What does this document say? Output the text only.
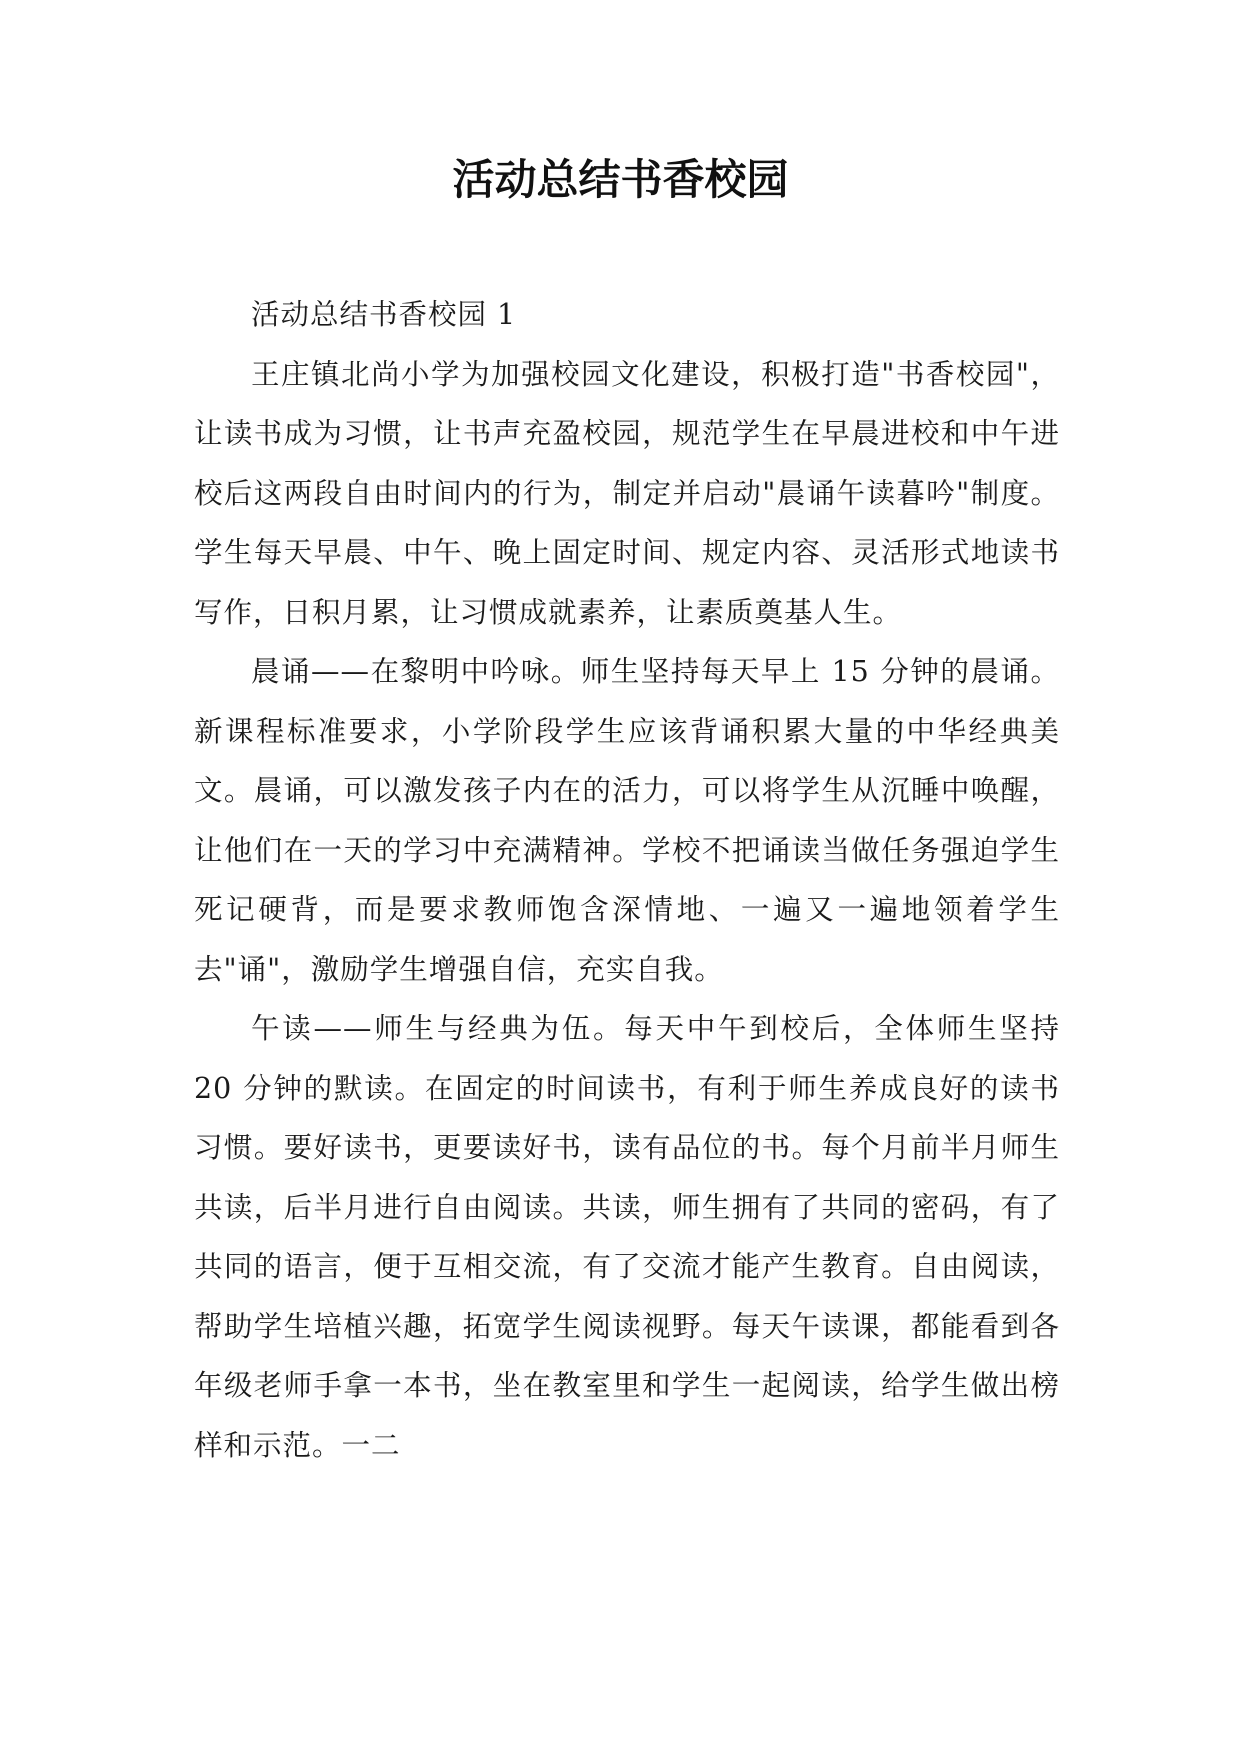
活动总结书香校园

活动总结书香校园 1

王庄镇北尚小学为加强校园文化建设，积极打造"书香校园"，让读书成为习惯，让书声充盈校园，规范学生在早晨进校和中午进校后这两段自由时间内的行为，制定并启动"晨诵午读暮吟"制度。学生每天早晨、中午、晚上固定时间、规定内容、灵活形式地读书写作，日积月累，让习惯成就素养，让素质奠基人生。

晨诵——在黎明中吟咏。师生坚持每天早上 15 分钟的晨诵。新课程标准要求，小学阶段学生应该背诵积累大量的中华经典美文。晨诵，可以激发孩子内在的活力，可以将学生从沉睡中唤醒，让他们在一天的学习中充满精神。学校不把诵读当做任务强迫学生死记硬背，而是要求教师饱含深情地、一遍又一遍地领着学生去"诵"，激励学生增强自信，充实自我。

午读——师生与经典为伍。每天中午到校后，全体师生坚持 20 分钟的默读。在固定的时间读书，有利于师生养成良好的读书习惯。要好读书，更要读好书，读有品位的书。每个月前半月师生共读，后半月进行自由阅读。共读，师生拥有了共同的密码，有了共同的语言，便于互相交流，有了交流才能产生教育。自由阅读，帮助学生培植兴趣，拓宽学生阅读视野。每天午读课，都能看到各年级老师手拿一本书，坐在教室里和学生一起阅读，给学生做出榜样和示范。一二
